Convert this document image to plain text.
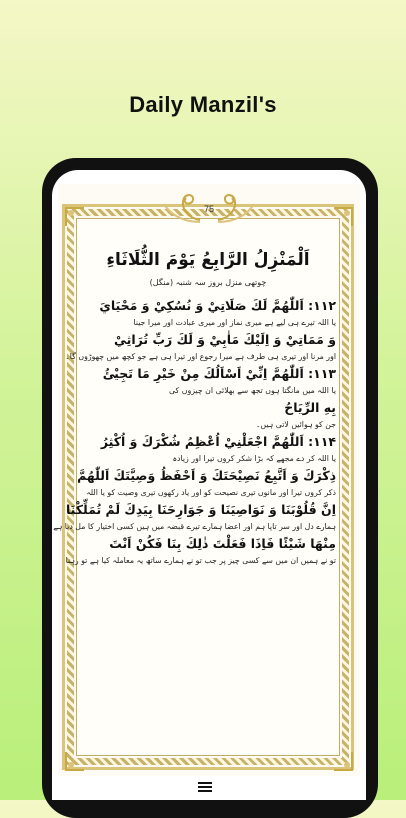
Daily Manzil's
75
اَلْمَنْزِلُ الرَّابِعُ يَوْمَ الثُّلَاثَاءِ
چوتھی منزل بروز سہ شنبہ (منگل)
۱۱۲: اَللّٰهُمَّ لَكَ صَلَاتِيْ وَ نُسُكِيْ وَ مَحْيَايَ
یا اللہ تیرے ہی لیے ہے میری نماز اور میری عبادت اور میرا جینا
وَ مَمَاتِيْ وَ اِلَيْكَ مَاٰبِيْ وَ لَكَ رَبِّ تُرَاثِيْ
اور مرنا اور تیری ہی طرف ہے میرا رجوع اور تیرا ہی ہے جو کچھ میں چھوڑوں گا۔
۱۱۳: اَللّٰهُمَّ اِنِّيْ اَسْاَلُكَ مِنْ خَيْرِ مَا تَجِيْئُ
یا اللہ میں مانگتا ہوں تجھ سے بھلائی ان چیزوں کی
بِهِ الرِّيَاحُ
جن کو ہوائیں لاتی ہیں۔
۱۱۴: اَللّٰهُمَّ اجْعَلْنِيْ اُعْظِمُ شُكْرَكَ وَ اُكْثِرُ
یا اللہ کر دے مجھے کہ بڑا شکر کروں تیرا اور زیادہ
ذِكْرَكَ وَ اَتَّبِعُ نَصِيْحَتَكَ وَ اَحْفَظُ وَصِيَّتَكَ اَللّٰهُمَّ
ذکر کروں تیرا اور مانوں تیری نصیحت کو اور یاد رکھوں تیری وصیت کو یا اللہ
اِنَّ قُلُوْبَنَا وَ نَوَاصِيَنَا وَ جَوَارِحَنَا بِيَدِكَ لَمْ تُمَلِّكْنَا
ہمارے دل اور سر تاپا ہم اور اعضا ہمارے تیرے قبضہ میں ہیں کسی اختیار کا مل دیا ہے
مِنْهَا شَيْئًا فَاِذَا فَعَلْتَ ذٰلِكَ بِنَا فَكُنْ اَنْتَ
تو نے ہمیں ان میں سے کسی چیز پر جب تو نے ہمارے ساتھ یہ معاملہ کیا ہے تو رہنا
